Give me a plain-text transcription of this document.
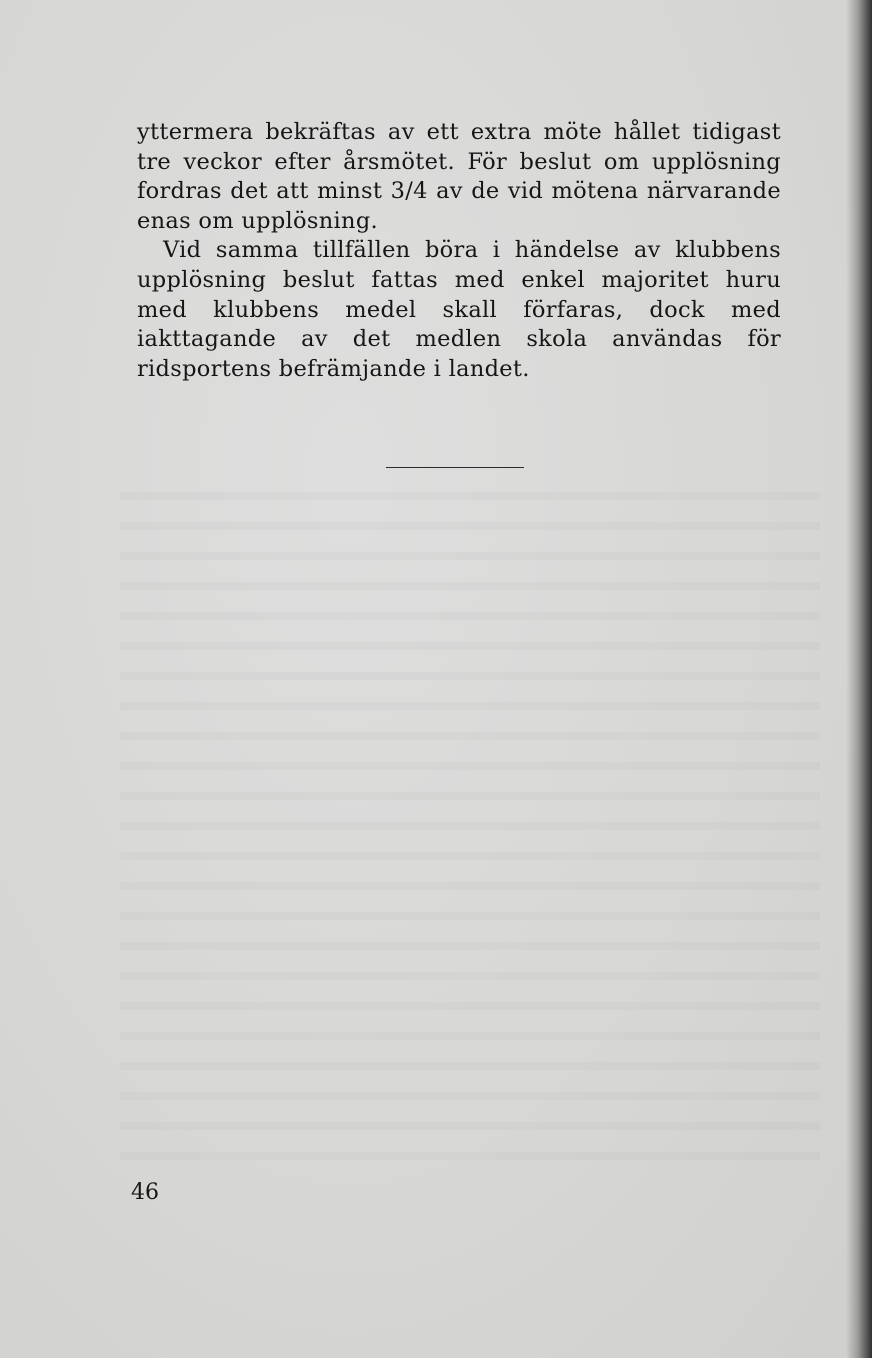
yttermera bekräftas av ett extra möte hållet tidigast tre veckor efter årsmötet. För beslut om upplösning fordras det att minst 3/4 av de vid mötena närvarande enas om upplösning.

Vid samma tillfällen böra i händelse av klubbens upplösning beslut fattas med enkel majoritet huru med klubbens medel skall förfaras, dock med iakttagande av det medlen skola användas för ridsportens befrämjande i landet.

46
